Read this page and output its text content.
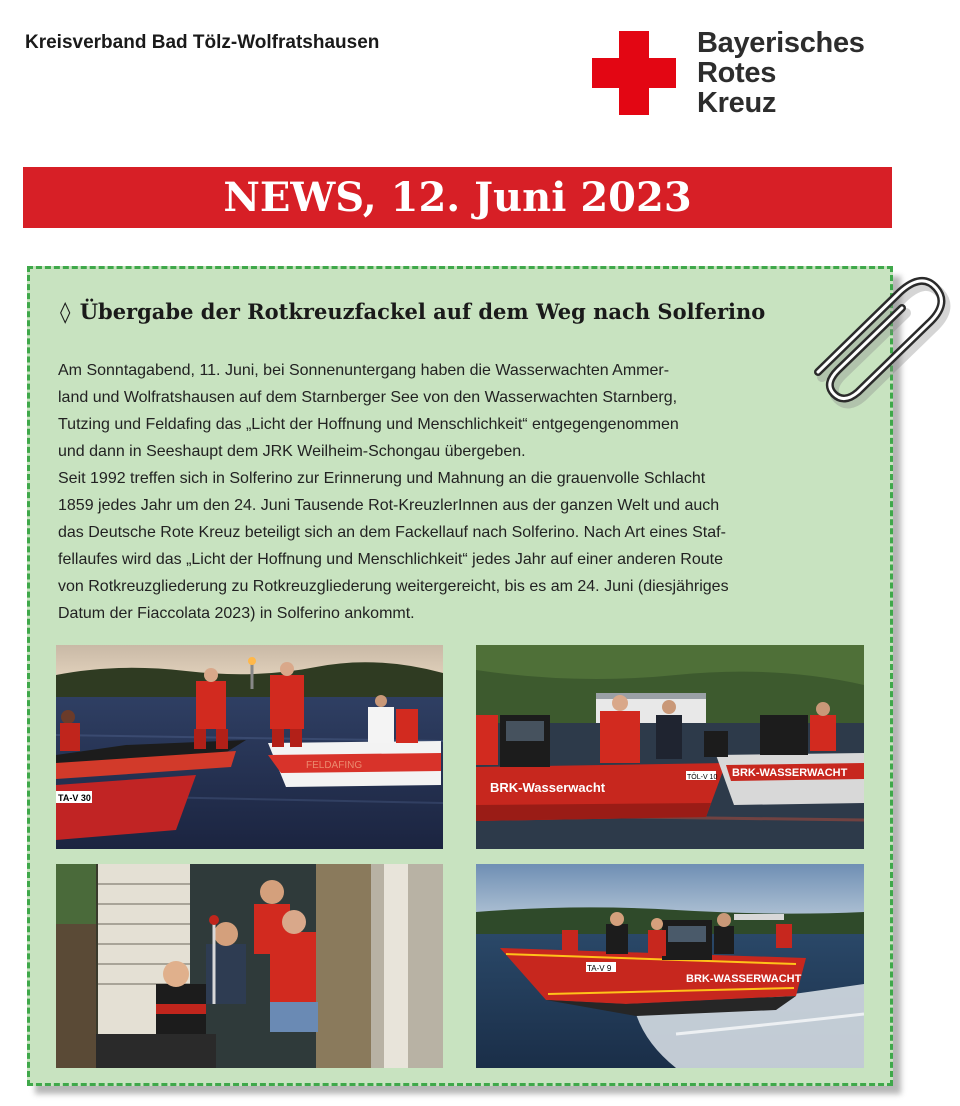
Kreisverband Bad Tölz-Wolfratshausen	Bayerisches
Rotes
Kreuz
NEWS, 12. Juni 2023
◊ Übergabe der Rotkreuzfackel auf dem Weg nach Solferino
Am Sonntagabend, 11. Juni, bei Sonnenuntergang haben die Wasserwachten Ammer-
land und Wolfratshausen auf dem Starnberger See von den Wasserwachten Starnberg,
Tutzing und Feldafing das „Licht der Hoffnung und Menschlichkeit“ entgegengenommen
und dann in Seeshaupt dem JRK Weilheim-Schongau übergeben.
Seit 1992 treffen sich in Solferino zur Erinnerung und Mahnung an die grauenvolle Schlacht
1859 jedes Jahr um den 24. Juni Tausende Rot-KreuzlerInnen aus der ganzen Welt und auch
das Deutsche Rote Kreuz beteiligt sich an dem Fackellauf nach Solferino. Nach Art eines Staf-
fellaufes wird das „Licht der Hoffnung und Menschlichkeit“ jedes Jahr auf einer anderen Route
von Rotkreuzgliederung zu Rotkreuzgliederung weitergereicht, bis es am 24. Juni (diesjähriges
Datum der Fiaccolata 2023) in Solferino ankommt.
TA-V 30
FELDAFING
BRK-Wasserwacht
TÖL-V 10 BRK-WASSERWACHT
TA-V 9
BRK-WASSERWACHT
